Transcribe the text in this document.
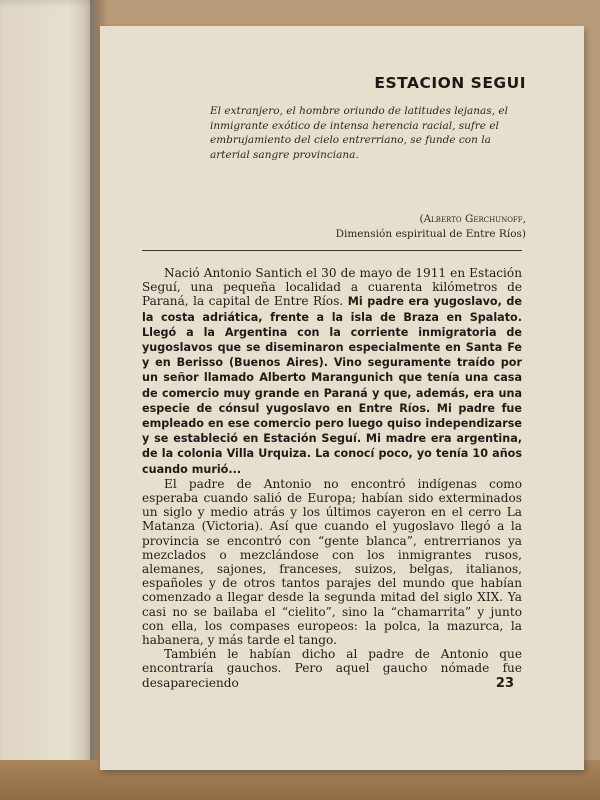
ESTACION SEGUI

El extranjero, el hombre oriundo de latitudes lejanas, el inmigrante exótico de intensa herencia racial, sufre el embrujamiento del cielo entrerriano, se funde con la arterial sangre provinciana.

(Alberto Gerchunoff,
Dimensión espiritual de Entre Ríos)

Nació Antonio Santich el 30 de mayo de 1911 en Estación Seguí, una pequeña localidad a cuarenta kilómetros de Paraná, la capital de Entre Ríos. Mi padre era yugoslavo, de la costa adriática, frente a la isla de Braza en Spalato. Llegó a la Argentina con la corriente inmigratoria de yugoslavos que se diseminaron especialmente en Santa Fe y en Berisso (Buenos Aires). Vino seguramente traído por un señor llamado Alberto Marangunich que tenía una casa de comercio muy grande en Paraná y que, además, era una especie de cónsul yugoslavo en Entre Ríos. Mi padre fue empleado en ese comercio pero luego quiso independizarse y se estableció en Estación Seguí. Mi madre era argentina, de la colonia Villa Urquiza. La conocí poco, yo tenía 10 años cuando murió...

El padre de Antonio no encontró indígenas como esperaba cuando salió de Europa; habían sido exterminados un siglo y medio atrás y los últimos cayeron en el cerro La Matanza (Victoria). Así que cuando el yugoslavo llegó a la provincia se encontró con “gente blanca”, entrerrianos ya mezclados o mezclándose con los inmigrantes rusos, alemanes, sajones, franceses, suizos, belgas, italianos, españoles y de otros tantos parajes del mundo que habían comenzado a llegar desde la segunda mitad del siglo XIX. Ya casi no se bailaba el “cielito”, sino la “chamarrita” y junto con ella, los compases europeos: la polca, la mazurca, la habanera, y más tarde el tango.

También le habían dicho al padre de Antonio que encontraría gauchos. Pero aquel gaucho nómade fue desapareciendo	23
